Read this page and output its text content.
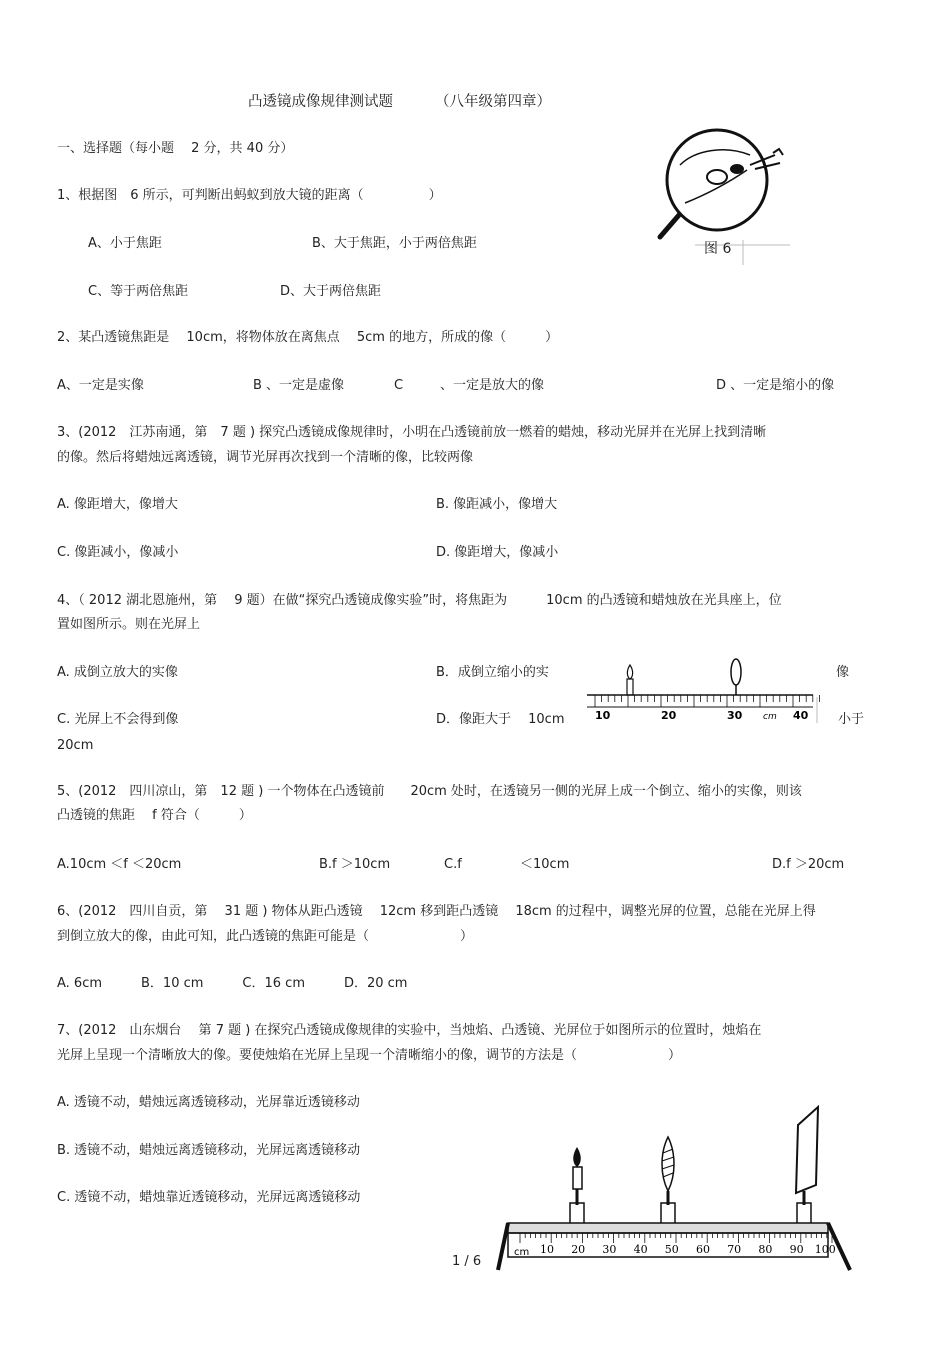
凸透镜成像规律测试题	（八年级第四章）
一、选择题（每小题　 2 分，共 40 分）
1、根据图　6 所示，可判断出蚂蚁到放大镜的距离（　　　　　）
A、小于焦距	B、大于焦距，小于两倍焦距
C、等于两倍焦距	D、大于两倍焦距
图 6
2、某凸透镜焦距是　 10cm，将物体放在离焦点　 5cm 的地方，所成的像（　　　）
A、一定是实像	B 、一定是虚像	C	、一定是放大的像	D 、一定是缩小的像
3、(2012　江苏南通，第　7 题 ) 探究凸透镜成像规律时，小明在凸透镜前放一燃着的蜡烛，移动光屏并在光屏上找到清晰
的像。然后将蜡烛远离透镜，调节光屏再次找到一个清晰的像，比较两像
A. 像距增大，像增大	B. 像距减小，像增大
C. 像距减小，像减小	D. 像距增大，像减小
4、（ 2012 湖北恩施州，第　 9 题）在做“探究凸透镜成像实验”时，将焦距为　　　10cm 的凸透镜和蜡烛放在光具座上，位
置如图所示。则在光屏上
A. 成倒立放大的实像	B．成倒立缩小的实	像
C. 光屏上不会得到像	D．像距大于　 10cm	小于
20cm
10	20	30 cm 40
5、(2012　四川凉山，第　12 题 ) 一个物体在凸透镜前　　20cm 处时，在透镜另一侧的光屏上成一个倒立、缩小的实像，则该
凸透镜的焦距　 f 符合（　　　）
A.10cm ＜f ＜20cm	B.f ＞10cm	C.f	＜10cm	D.f ＞20cm
6、(2012　四川自贡，第　 31 题 ) 物体从距凸透镜　 12cm 移到距凸透镜　 18cm 的过程中，调整光屏的位置，总能在光屏上得
到倒立放大的像，由此可知，此凸透镜的焦距可能是（　　　　　　　）
A. 6cm　　　B．10 cm　　　C．16 cm　　　D．20 cm
7、(2012　山东烟台　 第 7 题 ) 在探究凸透镜成像规律的实验中，当烛焰、凸透镜、光屏位于如图所示的位置时，烛焰在
光屏上呈现一个清晰放大的像。要使烛焰在光屏上呈现一个清晰缩小的像，调节的方法是（　　　　　　　）
A. 透镜不动，蜡烛远离透镜移动，光屏靠近透镜移动
B. 透镜不动，蜡烛远离透镜移动，光屏远离透镜移动
C. 透镜不动，蜡烛靠近透镜移动，光屏远离透镜移动
cm 10 20 30 40 50 60 70 80 90 100
1 / 6
